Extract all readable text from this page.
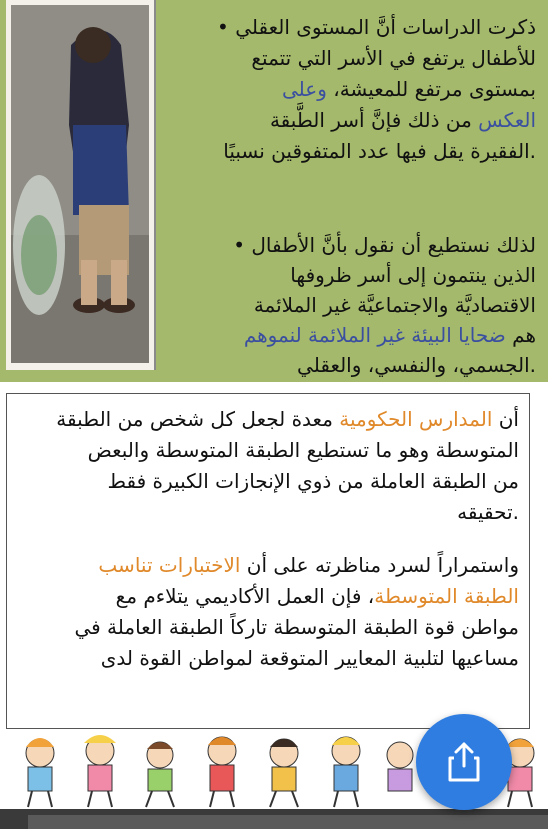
ذكرت الدراسات أنَّ المستوى العقلي •
للأطفال يرتفع في الأسر التي تتمتع
بمستوى مرتفع للمعيشة، وعلى
العكس من ذلك فإنَّ أسر الطَّبقة
.الفقيرة يقل فيها عدد المتفوقين نسبيًا

لذلك نستطيع أن نقول بأنَّ الأطفال •
الذين ينتمون إلى أسر ظروفها
الاقتصاديَّة والاجتماعيَّة غير الملائمة
هم ضحايا البيئة غير الملائمة لنموهم
.الجسمي، والنفسي، والعقلي

أن المدارس الحكومية معدة لجعل كل شخص من الطبقة
المتوسطة وهو ما تستطيع الطبقة المتوسطة والبعض
من الطبقة العاملة من ذوي الإنجازات الكبيرة فقط
.تحقيقه

واستمراراً لسرد مناظرته على أن الاختبارات تناسب
الطبقة المتوسطة، فإن العمل الأكاديمي يتلاءم مع
مواطن قوة الطبقة المتوسطة تاركاً الطبقة العاملة في
مساعيها لتلبية المعايير المتوقعة لمواطن القوة لدى
